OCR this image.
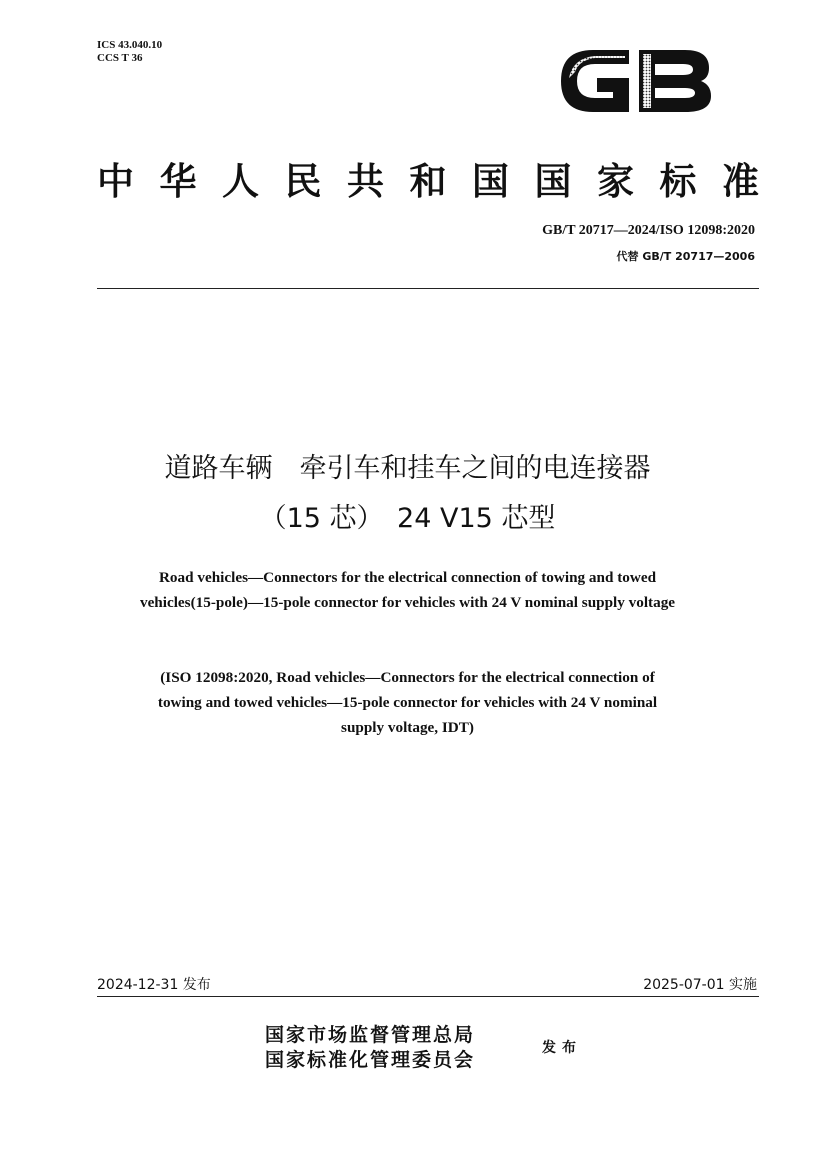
ICS 43.040.10
CCS T 36
中 华 人 民 共 和 国 国 家 标 准
GB/T 20717—2024/ISO 12098:2020
代替 GB/T 20717—2006
道路车辆　牵引车和挂车之间的电连接器
（15 芯）　24 V15 芯型
Road vehicles—Connectors for the electrical connection of towing and towed
vehicles(15-pole)—15-pole connector for vehicles with 24 V nominal supply voltage
(ISO 12098:2020, Road vehicles—Connectors for the electrical connection of
towing and towed vehicles—15-pole connector for vehicles with 24 V nominal
supply voltage, IDT)
2024-12-31 发布	2025-07-01 实施
国家市场监督管理总局
国家标准化管理委员会
发布
